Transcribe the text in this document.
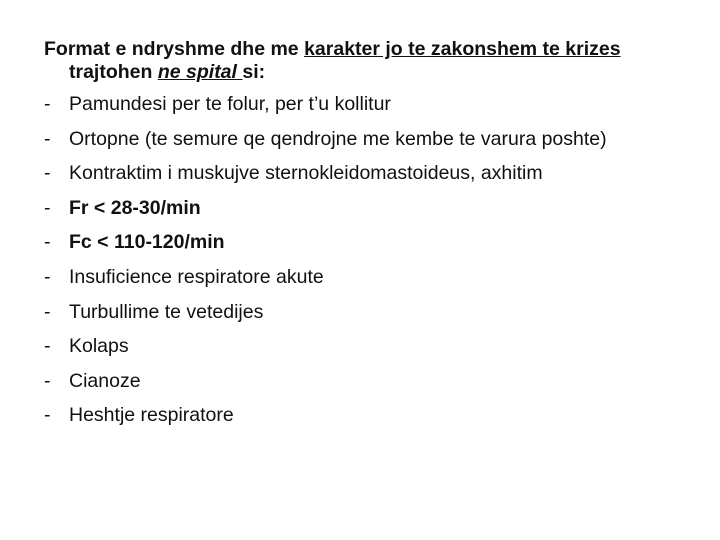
Format e ndryshme dhe me karakter jo te zakonshem te krizes trajtohen ne spital si:

- Pamundesi per te folur, per t’u kollitur
- Ortopne (te semure qe qendrojne me kembe te varura poshte)
- Kontraktim i muskujve sternokleidomastoideus, axhitim
- Fr < 28-30/min
- Fc < 110-120/min
- Insuficience respiratore akute
- Turbullime te vetedijes
- Kolaps
- Cianoze
- Heshtje respiratore
